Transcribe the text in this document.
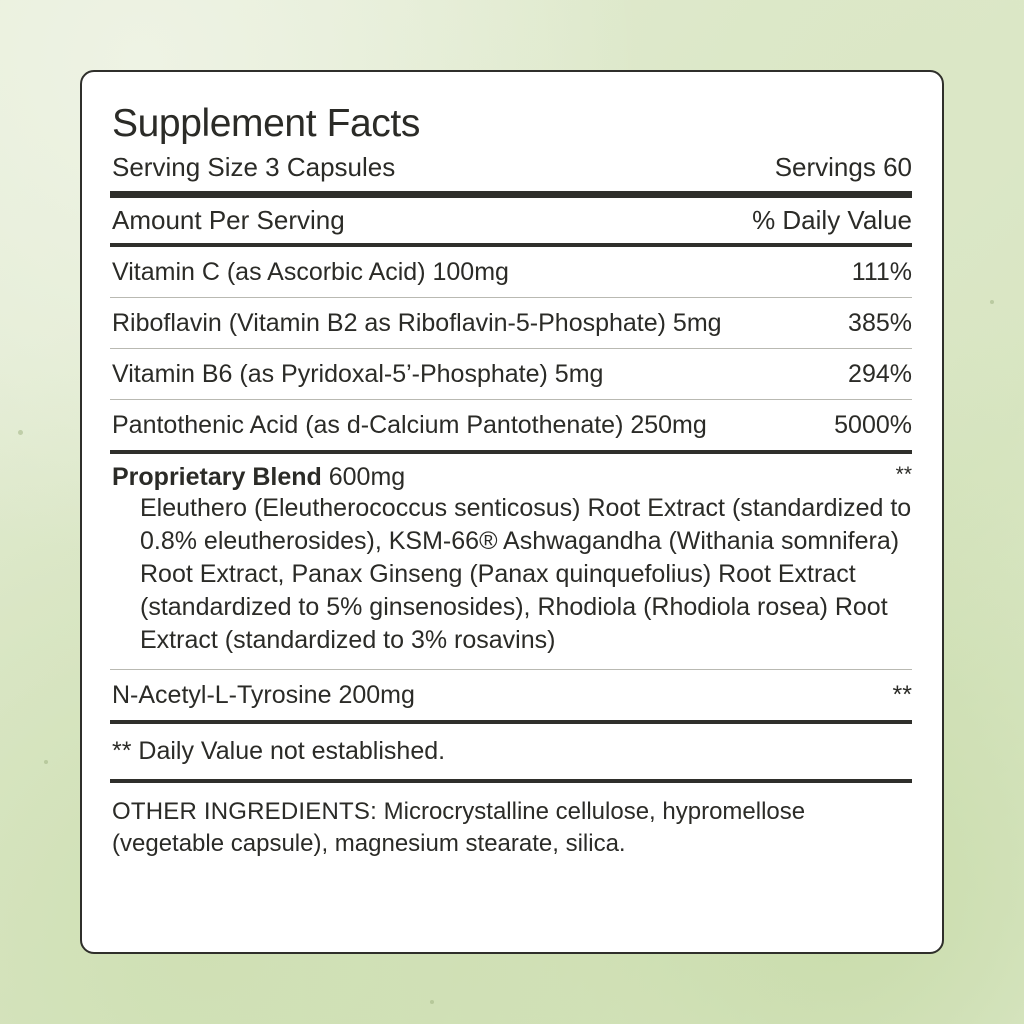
Supplement Facts
Serving Size 3 Capsules	Servings 60
Amount Per Serving	% Daily Value
Vitamin C (as Ascorbic Acid) 100mg	111%
Riboflavin (Vitamin B2 as Riboflavin-5-Phosphate) 5mg	385%
Vitamin B6 (as Pyridoxal-5’-Phosphate) 5mg	294%
Pantothenic Acid (as d-Calcium Pantothenate) 250mg	5000%
Proprietary Blend 600mg	**
Eleuthero (Eleutherococcus senticosus) Root Extract (standardized to 0.8% eleutherosides), KSM-66® Ashwagandha (Withania somnifera) Root Extract, Panax Ginseng (Panax quinquefolius) Root Extract (standardized to 5% ginsenosides), Rhodiola (Rhodiola rosea) Root Extract (standardized to 3% rosavins)
N-Acetyl-L-Tyrosine 200mg	**
** Daily Value not established.
OTHER INGREDIENTS: Microcrystalline cellulose, hypromellose (vegetable capsule), magnesium stearate, silica.
